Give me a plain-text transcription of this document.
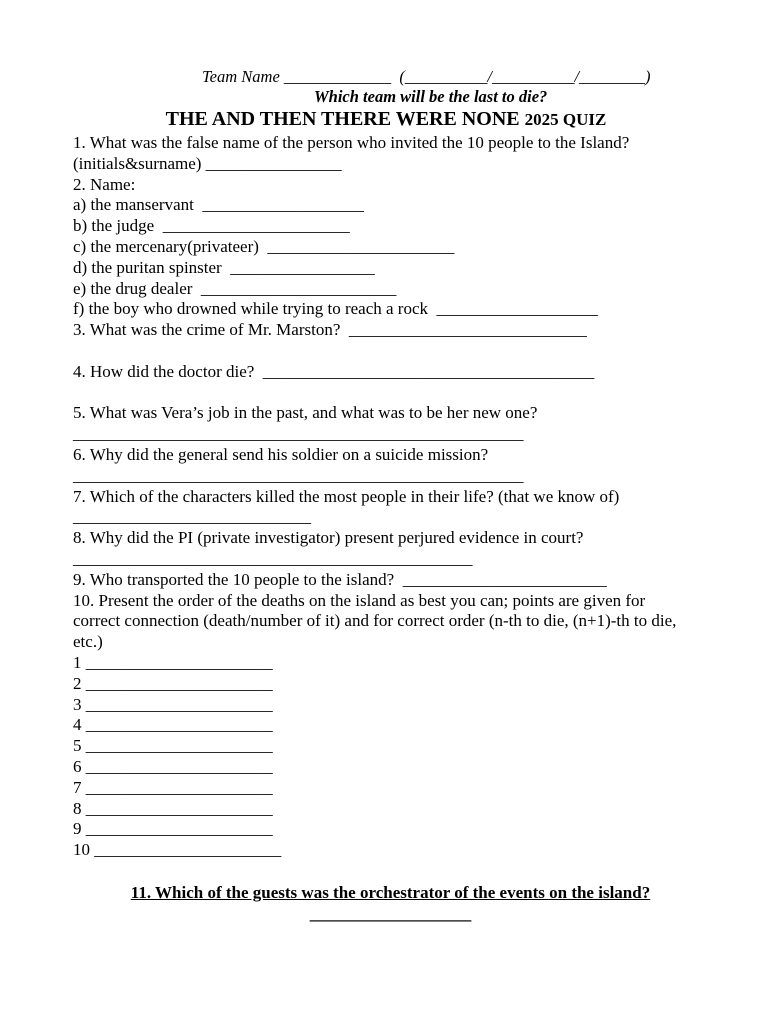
Team Name _____________  (__________/__________/________)

Which team will be the last to die?

THE AND THEN THERE WERE NONE 2025 QUIZ

1. What was the false name of the person who invited the 10 people to the Island? (initials&surname) ________________

2. Name:

a) the manservant  ___________________

b) the judge  ______________________

c) the mercenary(privateer)  ______________________

d) the puritan spinster  _________________

e) the drug dealer  _______________________

f) the boy who drowned while trying to reach a rock  ___________________

3. What was the crime of Mr. Marston?  ____________________________

4. How did the doctor die?  _______________________________________

5. What was Vera’s job in the past, and what was to be her new one?

_____________________________________________________

6. Why did the general send his soldier on a suicide mission?

_____________________________________________________

7. Which of the characters killed the most people in their life? (that we know of) ____________________________

8. Why did the PI (private investigator) present perjured evidence in court?

_______________________________________________

9. Who transported the 10 people to the island?  ________________________

10. Present the order of the deaths on the island as best you can; points are given for correct connection (death/number of it) and for correct order (n-th to die, (n+1)-th to die, etc.)

1 ______________________

2 ______________________

3 ______________________

4 ______________________

5 ______________________

6 ______________________

7 ______________________

8 ______________________

9 ______________________

10 ______________________

11. Which of the guests was the orchestrator of the events on the island?

___________________
